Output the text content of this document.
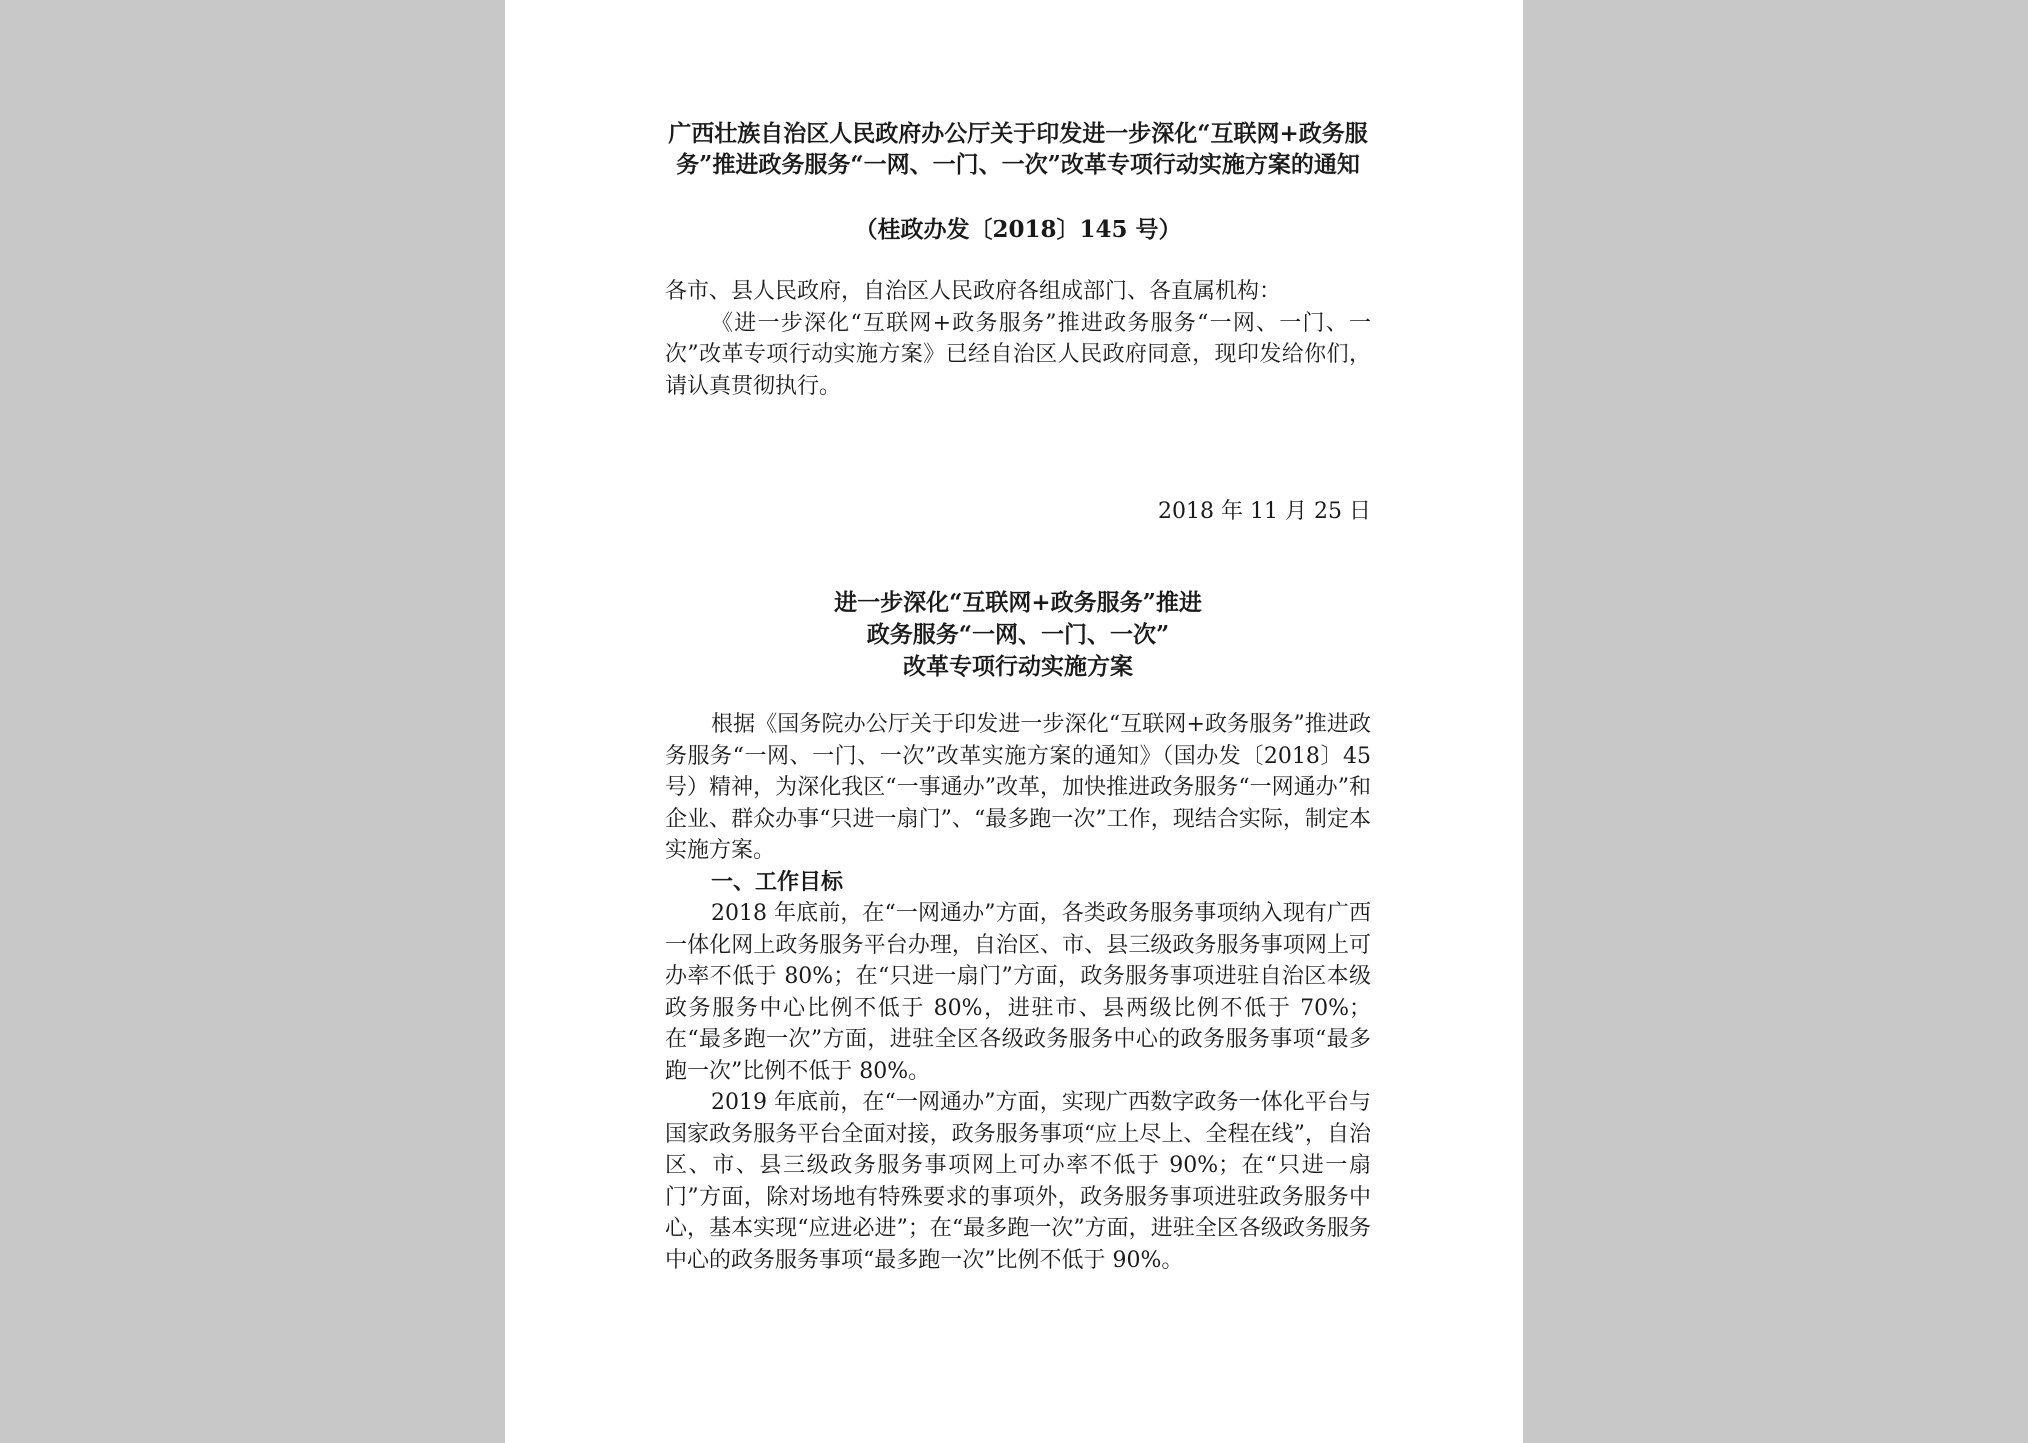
广西壮族自治区人民政府办公厅关于印发进一步深化“互联网+政务服务”推进政务服务“一网、一门、一次”改革专项行动实施方案的通知
（桂政办发〔2018〕145 号）

各市、县人民政府，自治区人民政府各组成部门、各直属机构：

《进一步深化“互联网+政务服务”推进政务服务“一网、一门、一次”改革专项行动实施方案》已经自治区人民政府同意，现印发给你们，请认真贯彻执行。

2018 年 11 月 25 日
进一步深化“互联网+政务服务”推进
政务服务“一网、一门、一次”
改革专项行动实施方案

根据《国务院办公厅关于印发进一步深化“互联网+政务服务”推进政务服务“一网、一门、一次”改革实施方案的通知》（国办发〔2018〕45 号）精神，为深化我区“一事通办”改革，加快推进政务服务“一网通办”和企业、群众办事“只进一扇门”、“最多跑一次”工作，现结合实际，制定本实施方案。

一、工作目标

2018 年底前，在“一网通办”方面，各类政务服务事项纳入现有广西一体化网上政务服务平台办理，自治区、市、县三级政务服务事项网上可办率不低于 80%；在“只进一扇门”方面，政务服务事项进驻自治区本级政务服务中心比例不低于 80%，进驻市、县两级比例不低于 70%；在“最多跑一次”方面，进驻全区各级政务服务中心的政务服务事项“最多跑一次”比例不低于 80%。

2019 年底前，在“一网通办”方面，实现广西数字政务一体化平台与国家政务服务平台全面对接，政务服务事项“应上尽上、全程在线”，自治区、市、县三级政务服务事项网上可办率不低于 90%；在“只进一扇门”方面，除对场地有特殊要求的事项外，政务服务事项进驻政务服务中心，基本实现“应进必进”；在“最多跑一次”方面，进驻全区各级政务服务中心的政务服务事项“最多跑一次”比例不低于 90%。
